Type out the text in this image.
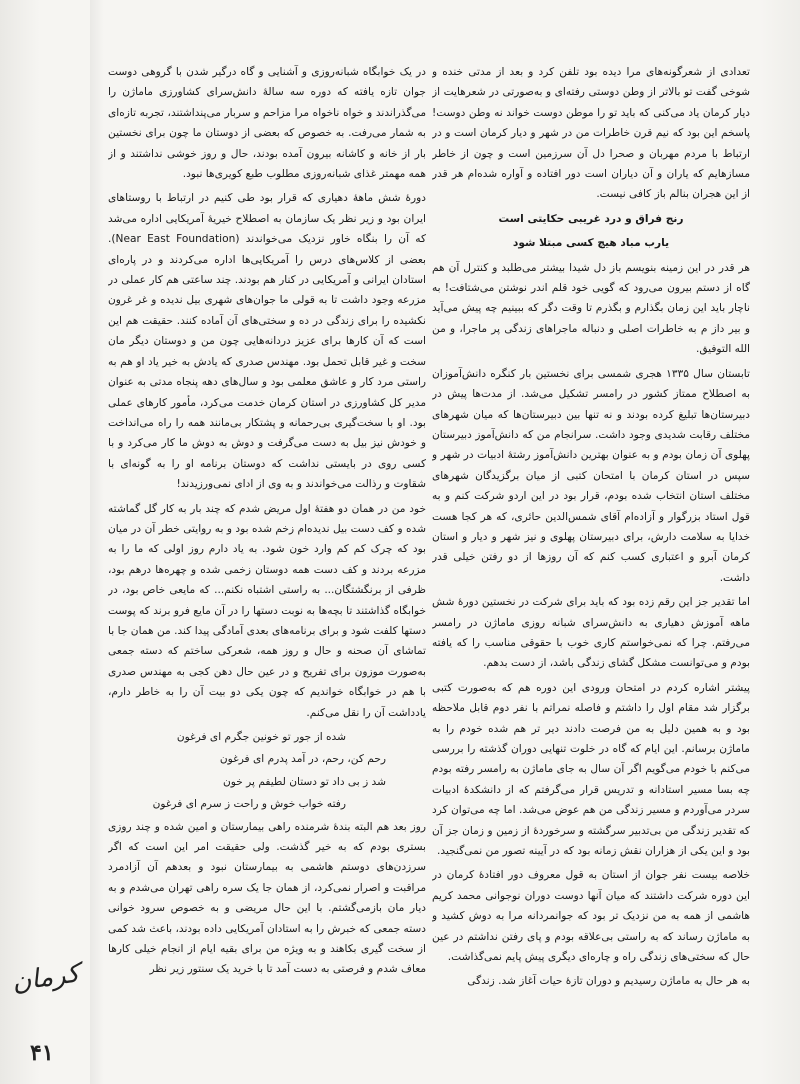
تعدادی از شعرگونه‌های مرا دیده بود تلفن کرد و بعد از مدتی خنده و شوخی گفت تو بالاتر از وطن دوستی رفته‌ای و به‌صورتی در شعرهایت از دیار کرمان یاد می‌کنی که باید تو را موطن دوست خواند نه وطن دوست! پاسخم این بود که نیم قرن خاطرات من در شهر و دیار کرمان است و در ارتباط با مردم مهربان و صحرا دل آن سرزمین است و چون از خاطر مسازهایم که یاران و آن دیاران است دور افتاده و آواره شده‌ام هر قدر از این هجران بنالم باز کافی نیست.

رنج فراق و درد غریبی حکایتی است

یارب مباد هیچ کسی مبتلا شود

هر قدر در این زمینه بنویسم باز دل شیدا بیشتر می‌طلبد و کنترل آن هم گاه از دستم بیرون می‌رود که گویی خود قلم اندر نوشتن می‌شتافت! به ناچار باید این زمان بگذارم و بگذرم تا وقت دگر که ببینیم چه پیش می‌آید و بیر داز م به خاطرات اصلی و دنباله ماجراهای زندگی پر ماجرا، و من الله التوفیق.

تابستان سال ۱۳۳۵ هجری شمسی برای نخستین بار کنگره دانش‌آموزان به اصطلاح ممتاز کشور در رامسر تشکیل می‌شد. از مدت‌ها پیش در دبیرستان‌ها تبلیغ کرده بودند و نه تنها بین دبیرستان‌ها که میان شهرهای مختلف رقابت شدیدی وجود داشت. سرانجام من که دانش‌آموز دبیرستان پهلوی آن زمان بودم و به عنوان بهترین دانش‌آموز رشتهٔ ادبیات در شهر و سپس در استان کرمان با امتحان کتبی از میان برگزیدگان شهرهای مختلف استان انتخاب شده بودم، قرار بود در این اردو شرکت کنم و به قول استاد بزرگوار و آزاده‌ام آقای شمس‌الدین حائری، که هر کجا هست خدایا به سلامت دارش، برای دبیرستان پهلوی و نیز شهر و دیار و استان کرمان آبرو و اعتباری کسب کنم که آن روزها از دو رفتن خیلی قدر داشت.

اما تقدیر جز این رقم زده بود که باید برای شرکت در نخستین دورهٔ شش ماهه آموزش دهیاری به دانش‌سرای شبانه روزی ماماژن در رامسر می‌رفتم. چرا که نمی‌خواستم کاری خوب با حقوقی مناسب را که یافته بودم و می‌توانست مشکل گشای زندگی باشد، از دست بدهم.

پیشتر اشاره کردم در امتحان ورودی این دوره هم که به‌صورت کتبی برگزار شد مقام اول را داشتم و فاصله نمراتم با نفر دوم قابل ملاحظه بود و به همین دلیل به من فرصت دادند دیر تر هم شده خودم را به ماماژن برسانم. این ایام که گاه در خلوت تنهایی دوران گذشته را بررسی می‌کنم با خودم می‌گویم اگر آن سال به جای ماماژن به رامسر رفته بودم چه بسا مسیر استادانه و تدریس قرار می‌گرفتم که از دانشکدهٔ ادبیات سردر می‌آوردم و مسیر زندگی من هم عوض می‌شد. اما چه می‌توان کرد که تقدیر زندگی من بی‌تدبیر سرگشته و سرخوردهٔ از زمین و زمان جز آن بود و این یکی از هزاران نقش زمانه بود که در آیینه تصور من نمی‌گنجید.

خلاصه بیست نفر جوان از استان به قول معروف دور افتادهٔ کرمان در این دوره شرکت داشتند که میان آنها دوست دوران نوجوانی محمد کریم هاشمی از همه به من نزدیک تر بود که جوانمردانه مرا به دوش کشید و به ماماژن رساند که به راستی بی‌علاقه بودم و پای رفتن نداشتم در عین حال که سختی‌های زندگی راه و چاره‌ای دیگری پیش پایم نمی‌گذاشت.

به هر حال به ماماژن رسیدیم و دوران تازهٔ حیات آغاز شد. زندگی

در یک خوابگاه شبانه‌روزی و آشنایی و گاه درگیر شدن با گروهی دوست جوان تازه یافته که دوره سه سالهٔ دانش‌سرای کشاورزی ماماژن را می‌گذراندند و خواه ناخواه مرا مزاحم و سربار می‌پنداشتند، تجربه تازه‌ای به شمار می‌رفت. به خصوص که بعضی از دوستان ما چون برای نخستین بار از خانه و کاشانه بیرون آمده بودند، حال و روز خوشی نداشتند و از همه مهمتر غذای شبانه‌روزی مطلوب طبع کویری‌ها نبود.

دورهٔ شش ماههٔ دهیاری که قرار بود طی کنیم در ارتباط با روستاهای ایران بود و زیر نظر یک سازمان به اصطلاح خیریهٔ آمریکایی اداره می‌شد که آن را بنگاه خاور نزدیک می‌خواندند (Near East Foundation). بعضی از کلاس‌های درس را آمریکایی‌ها اداره می‌کردند و در پاره‌ای استادان ایرانی و آمریکایی در کنار هم بودند. چند ساعتی هم کار عملی در مزرعه وجود داشت تا به قولی ما جوان‌های شهری بیل ندیده و غر غرون نکشیده را برای زندگی در ده و سختی‌های آن آماده کنند. حقیقت هم این است که آن کارها برای عزیز دردانه‌هایی چون من و دوستان دیگر مان سخت و غیر قابل تحمل بود. مهندس صدری که یادش به خیر یاد او هم به راستی مرد کار و عاشق معلمی بود و سال‌های دهه پنجاه مدتی به عنوان مدیر کل کشاورزی در استان کرمان خدمت می‌کرد، مأمور کارهای عملی بود. او با سخت‌گیری بی‌رحمانه و پشتکار بی‌مانند همه را راه می‌انداخت و خودش نیز بیل به دست می‌گرفت و دوش به دوش ما کار می‌کرد و با کسی روی در بایستی نداشت که دوستان برنامه او را به گونه‌ای با شقاوت و رذالت می‌خواندند و به وی از ادای نمی‌ورزیدند!

خود من در همان دو هفتهٔ اول مریض شدم که چند بار به کار گل گماشته شده و کف دست بیل ندیده‌ام زخم شده بود و به روایتی خطر آن در میان بود که چرک کم کم وارد خون شود. به یاد دارم روز اولی که ما را به مزرعه بردند و کف دست همه دوستان زخمی شده و چهره‌ها درهم بود، ظرفی از برنگشتگان... به راستی اشتباه نکنم... که مایعی خاص بود، در خوابگاه گذاشتند تا بچه‌ها به نوبت دستها را در آن مایع فرو برند که پوست دستها کلفت شود و برای برنامه‌های بعدی آمادگی پیدا کند. من همان جا با تماشای آن صحنه و حال و روز همه، شعرکی ساختم که دسته جمعی به‌صورت موزون برای تفریح و در عین حال دهن کجی به مهندس صدری با هم در خوابگاه خواندیم که چون یکی دو بیت آن را به خاطر دارم، یادداشت آن را نقل می‌کنم.

شده از جور تو خونین جگرم ای فرغون

رحم کن، رحم، در آمد پدرم ای فرغون

شد ز بی داد تو دستان لطیفم پر خون

رفته خواب خوش و راحت ز سرم ای فرغون

روز بعد هم البته بندهٔ شرمنده راهی بیمارستان و امین شده و چند روزی بستری بودم که به خیر گذشت. ولی حقیقت امر این است که اگر سرزدن‌های دوستم هاشمی به بیمارستان نبود و بعدهم آن آزادمرد مراقبت و اصرار نمی‌کرد، از همان جا یک سره راهی تهران می‌شدم و به دیار مان بازمی‌گشتم. با این حال مریضی و به خصوص سرود خوانی دسته جمعی که خبرش را به استادان آمریکایی داده بودند، باعث شد کمی از سخت گیری بکاهند و به ویژه من برای بقیه ایام از انجام خیلی کارها معاف شدم و فرصتی به دست آمد تا با خرید یک سنتور زیر نظر

کرمان
۴۱
